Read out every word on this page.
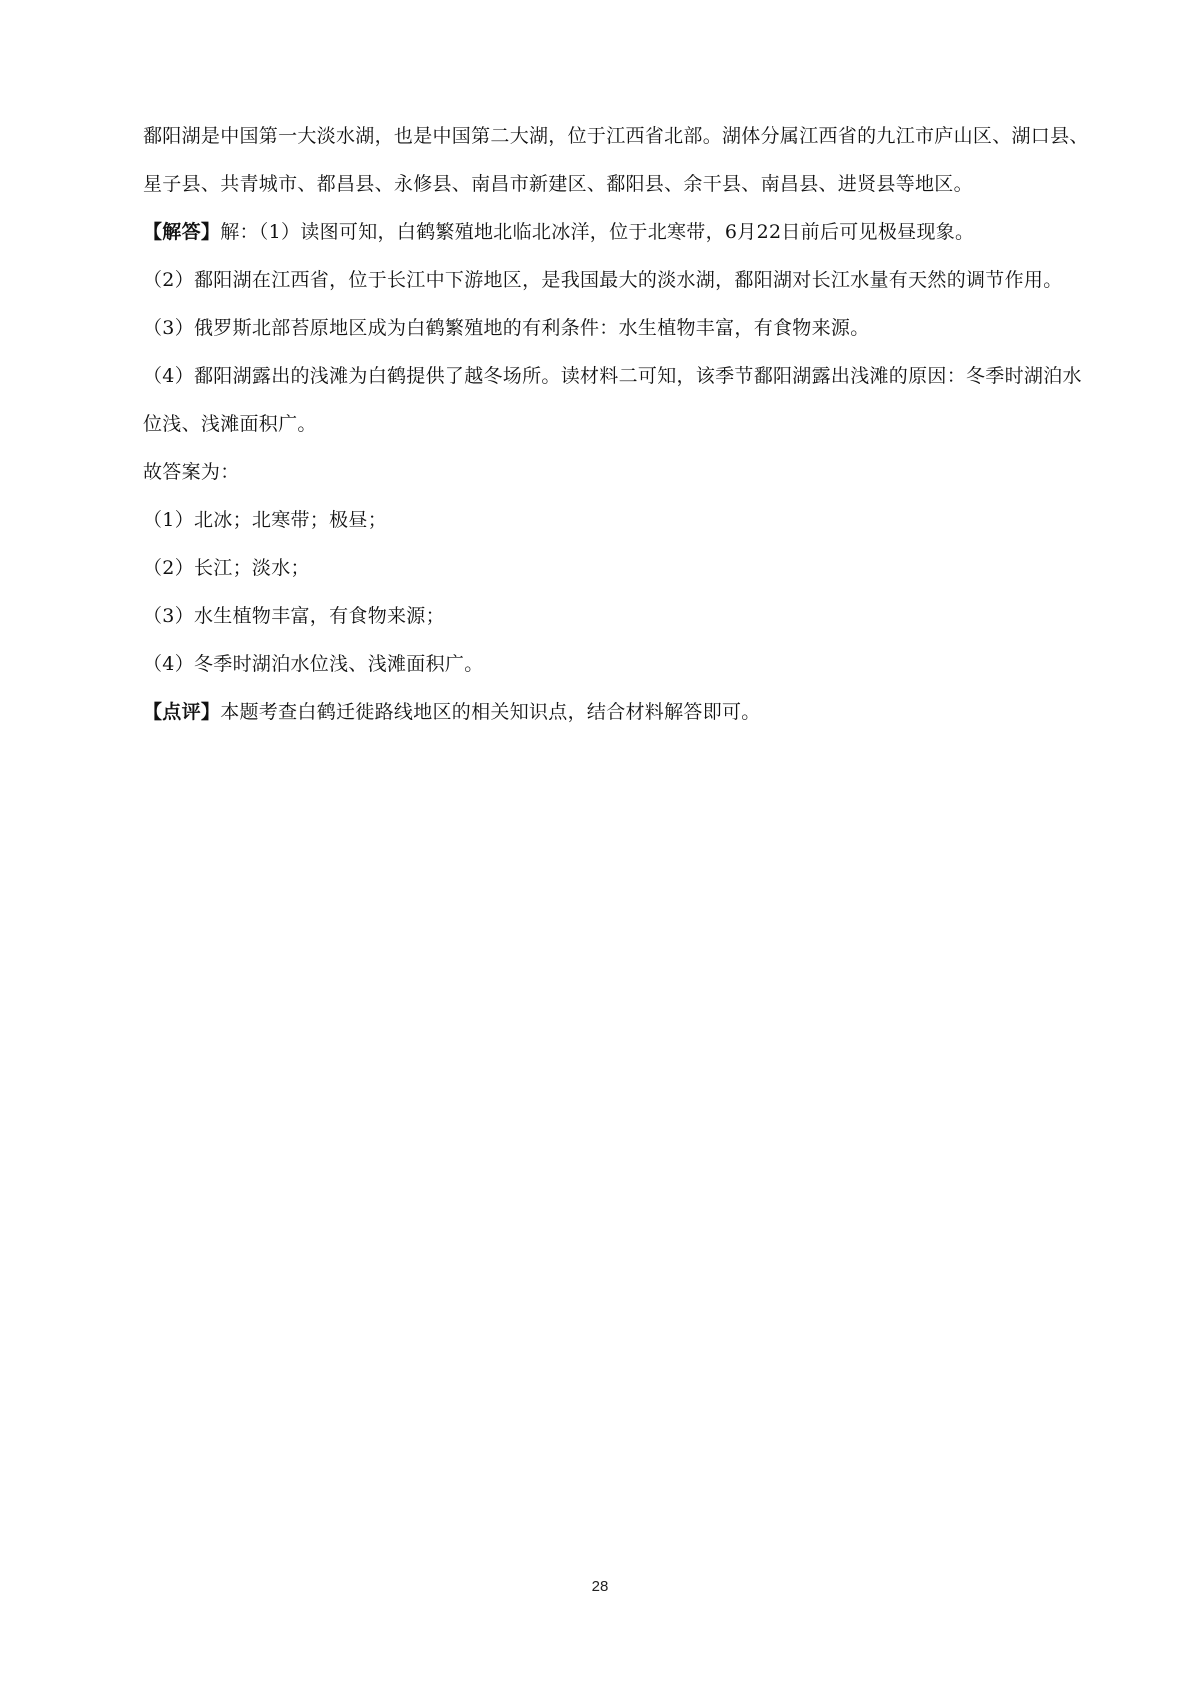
鄱阳湖是中国第一大淡水湖，也是中国第二大湖，位于江西省北部。湖体分属江西省的九江市庐山区、湖口县、星子县、共青城市、都昌县、永修县、南昌市新建区、鄱阳县、余干县、南昌县、进贤县等地区。

【解答】解：（1）读图可知，白鹤繁殖地北临北冰洋，位于北寒带，6月22日前后可见极昼现象。

（2）鄱阳湖在江西省，位于长江中下游地区，是我国最大的淡水湖，鄱阳湖对长江水量有天然的调节作用。

（3）俄罗斯北部苔原地区成为白鹤繁殖地的有利条件：水生植物丰富，有食物来源。

（4）鄱阳湖露出的浅滩为白鹤提供了越冬场所。读材料二可知，该季节鄱阳湖露出浅滩的原因：冬季时湖泊水位浅、浅滩面积广。

故答案为：

（1）北冰；北寒带；极昼；

（2）长江；淡水；

（3）水生植物丰富，有食物来源；

（4）冬季时湖泊水位浅、浅滩面积广。

【点评】本题考查白鹤迁徙路线地区的相关知识点，结合材料解答即可。

28
